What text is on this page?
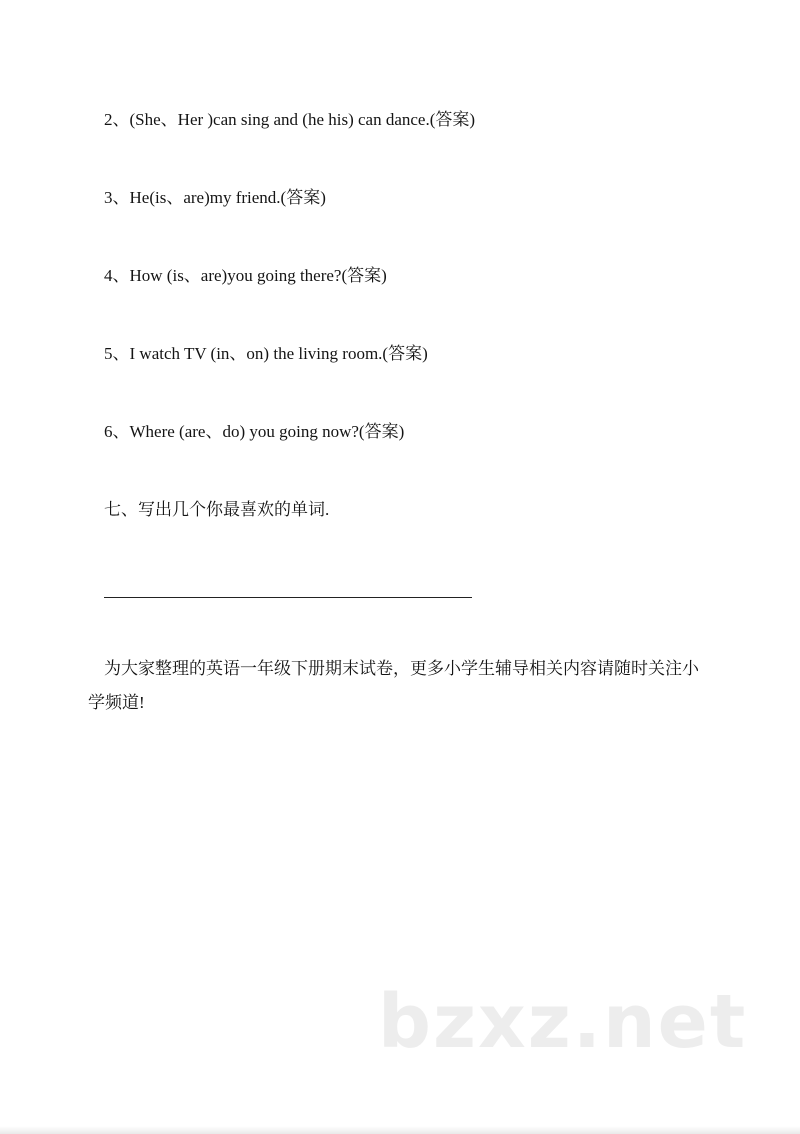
2、(She、Her )can sing and (he his) can dance.(答案)
3、He(is、are)my friend.(答案)
4、How (is、are)you going there?(答案)
5、I watch TV (in、on) the living room.(答案)
6、Where (are、do) you going now?(答案)
七、写出几个你最喜欢的单词.
为大家整理的英语一年级下册期末试卷，更多小学生辅导相关内容请随时关注小学频道!
bzxz.net
